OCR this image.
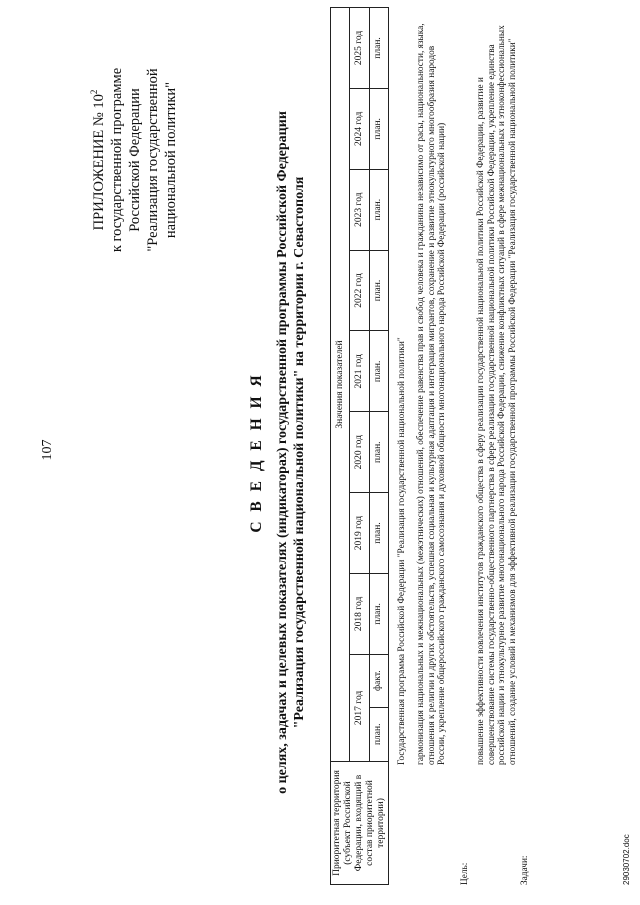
107
ПРИЛОЖЕНИЕ № $10^2$ к государственной программе Российской Федерации "Реализация государственной национальной политики"
С В Е Д Е Н И Я о целях, задачах и целевых показателях (индикаторах) государственной программы Российской Федерации "Реализация государственной национальной политики" на территории г. Севастополя
Приоритетная территория (субъект Российской Федерации, входящий в состав приоритетной территории)	Значения показателей									
	2017 год		2018 год	2019 год	2020 год	2021 год	2022 год	2023 год	2024 год	2025 год
	план.	факт.	план.	план.	план.	план.	план.	план.	план.	план.
Государственная программа Российской Федерации "Реализация государственной национальной политики"
Цель:
гармонизация национальных и межнациональных (межэтнических) отношений, обеспечение равенства прав и свобод человека и гражданина независимо от расы, национальности, языка, отношения к религии и других обстоятельств, успешная социальная и культурная адаптация и интеграция мигрантов, сохранение и развитие этнокультурного многообразия народов России, укрепление общероссийского гражданского самосознания и духовной общности многонационального народа Российской Федерации (российской нации)
Задачи:
повышение эффективности вовлечения институтов гражданского общества в сферу реализации государственной национальной политики Российской Федерации, развитие и совершенствование системы государственно-общественного партнерства в сфере реализации государственной национальной политики Российской Федерации, укрепление единства российской нации и этнокультурное развитие многонационального народа Российской Федерации, снижение конфликтных ситуаций в сфере межнациональных и этноконфессиональных отношений, создание условий и механизмов для эффективной реализации государственной программы Российской Федерации "Реализация государственной национальной политики"
29030702.doc
